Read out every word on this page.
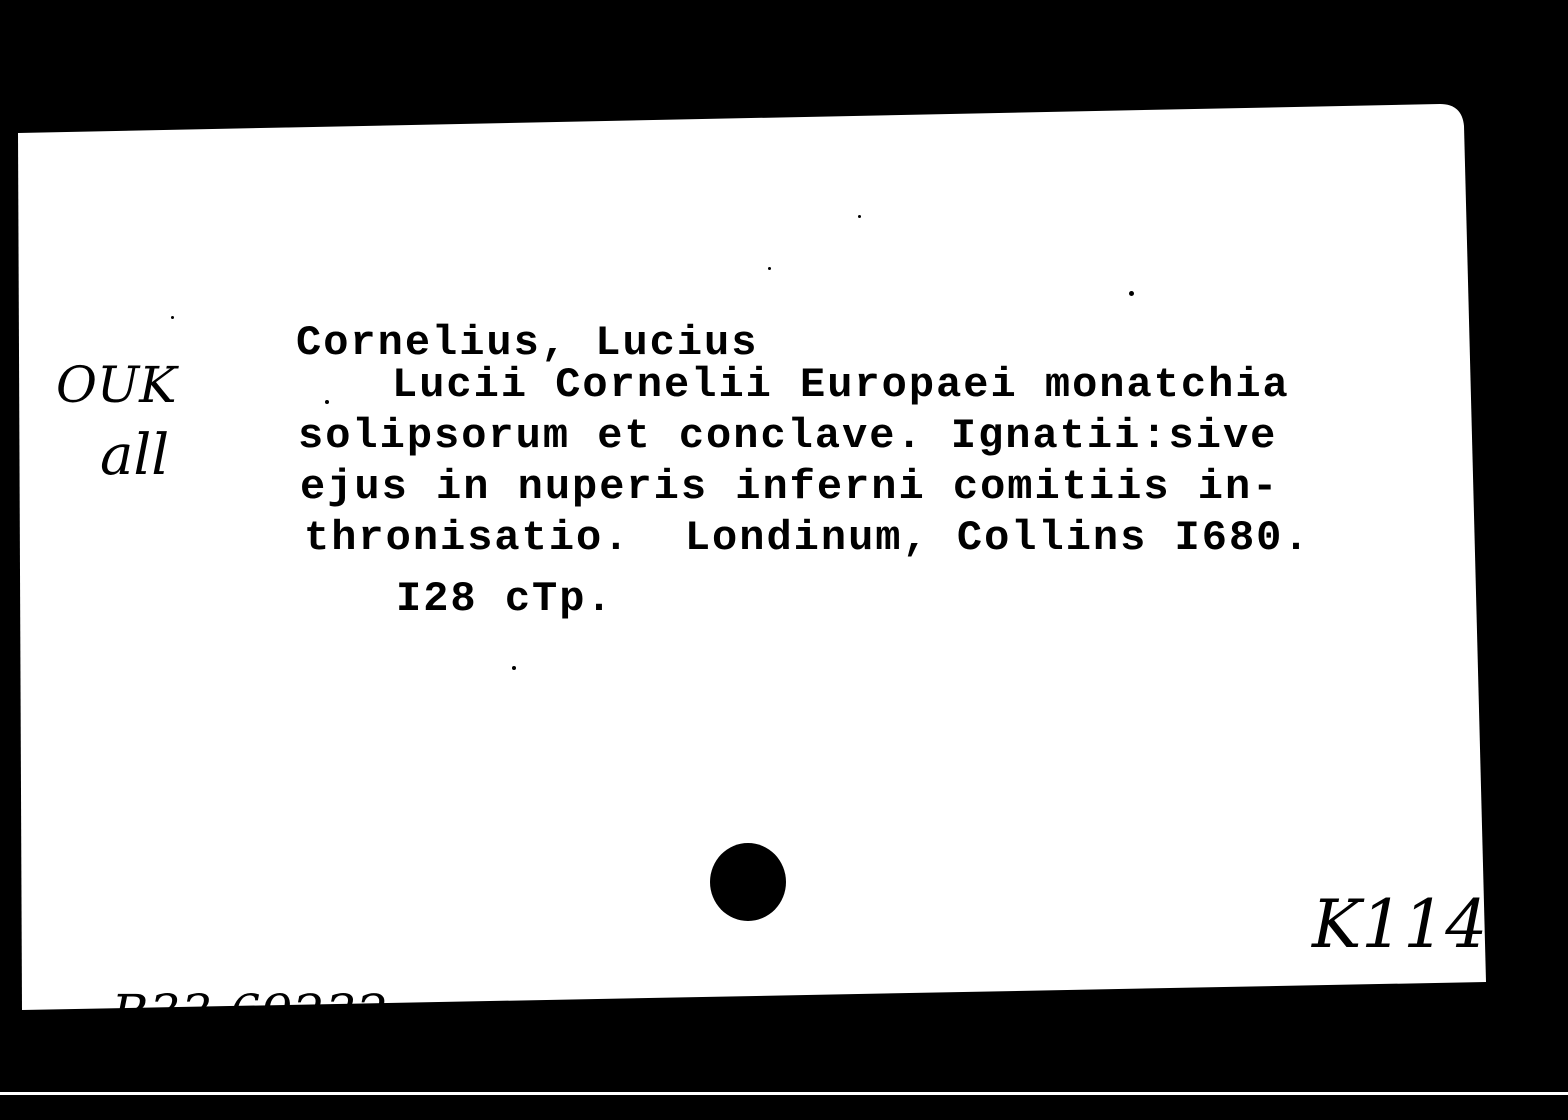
Cornelius, Lucius
Lucii Cornelii Europaei monatchia
solipsorum et conclave. Ignatii:sive
ejus in nuperis inferni comitiis in-
thronisatio.  Londinum, Collins I680.
I28 cTp.
OUK
all

B33-692321.

K114
